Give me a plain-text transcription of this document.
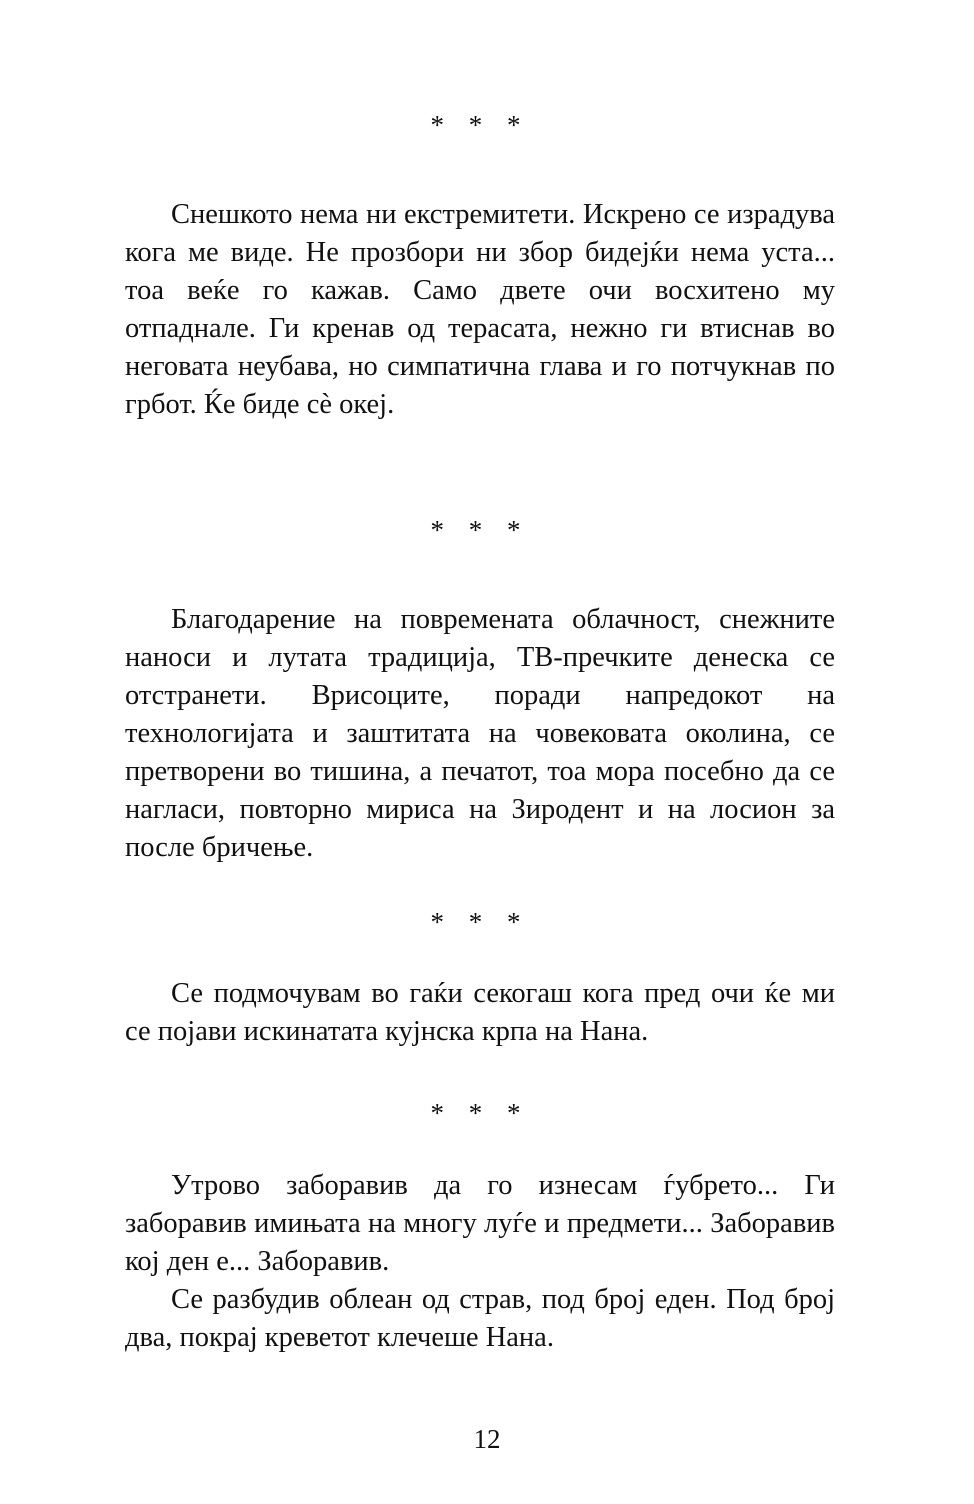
* * *

Снешкото нема ни екстремитети. Искрено се израдува кога ме виде. Не прозбори ни збор бидејќи нема уста... тоа веќе го кажав. Само двете очи восхитено му отпаднале. Ги кренав од терасата, нежно ги втиснав во неговата неубава, но симпатична глава и го потчукнав по грбот. Ќе биде сѐ океј.

* * *

Благодарение на повремената облачност, снежните наноси и лутата традиција, ТВ-пречките денеска се отстранети. Врисоците, поради напредокот на технологијата и заштитата на човековата околина, се претворени во тишина, а печатот, тоа мора посебно да се нагласи, повторно мириса на Зиродент и на лосион за после бричење.

* * *

Се подмочувам во гаќи секогаш кога пред очи ќе ми се појави искинатата кујнска крпа на Нана.

* * *

Утрово заборавив да го изнесам ѓубрето... Ги заборавив имињата на многу луѓе и предмети... Заборавив кој ден е... Заборавив.

Се разбудив облеан од страв, под број еден. Под број два, покрај креветот клечеше Нана.

12
